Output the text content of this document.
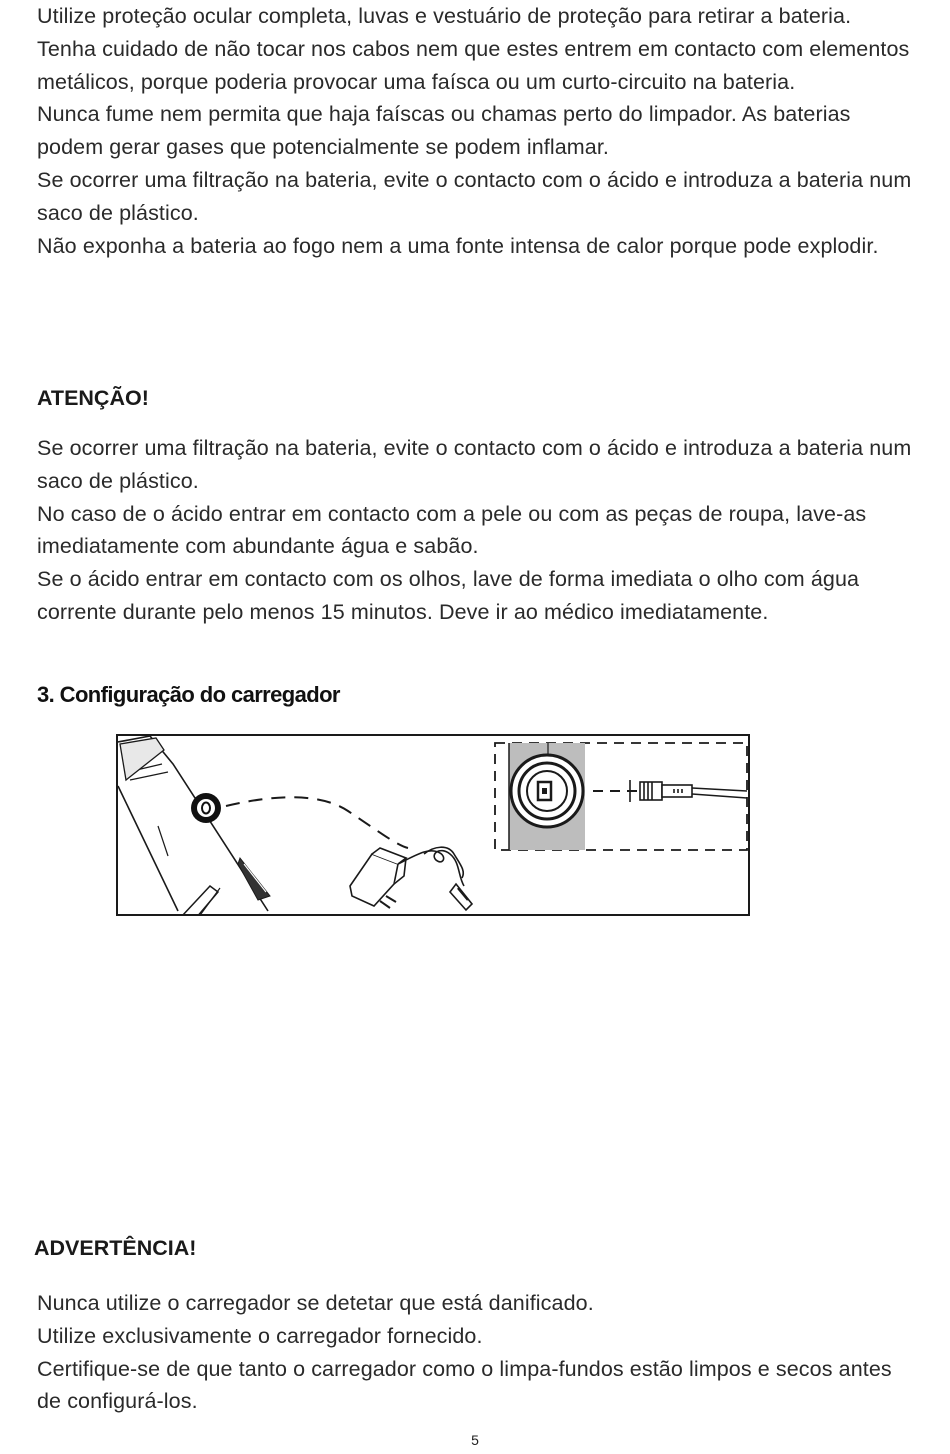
Utilize proteção ocular completa, luvas e vestuário de proteção para retirar a bateria.

Tenha cuidado de não tocar nos cabos nem que estes entrem em contacto com elementos metálicos, porque poderia provocar uma faísca ou um curto-circuito na bateria.

Nunca fume nem permita que haja faíscas ou chamas perto do limpador. As baterias podem gerar gases que potencialmente se podem inflamar.

Se ocorrer uma filtração na bateria, evite o contacto com o ácido e introduza a bateria num saco de plástico.

Não exponha a bateria ao fogo nem a uma fonte intensa de calor porque pode explodir.

ATENÇÃO!

Se ocorrer uma filtração na bateria, evite o contacto com o ácido e introduza a bateria num saco de plástico.

No caso de o ácido entrar em contacto com a pele ou com as peças de roupa, lave-as imediatamente com abundante água e sabão.

Se o ácido entrar em contacto com os olhos, lave de forma imediata o olho com água corrente durante pelo menos 15 minutos. Deve ir ao médico imediatamente.

3. Configuração do carregador
ADVERTÊNCIA!

Nunca utilize o carregador se detetar que está danificado.

Utilize exclusivamente o carregador fornecido.

Certifique-se de que tanto o carregador como o limpa-fundos estão limpos e secos antes de configurá-los.

5
